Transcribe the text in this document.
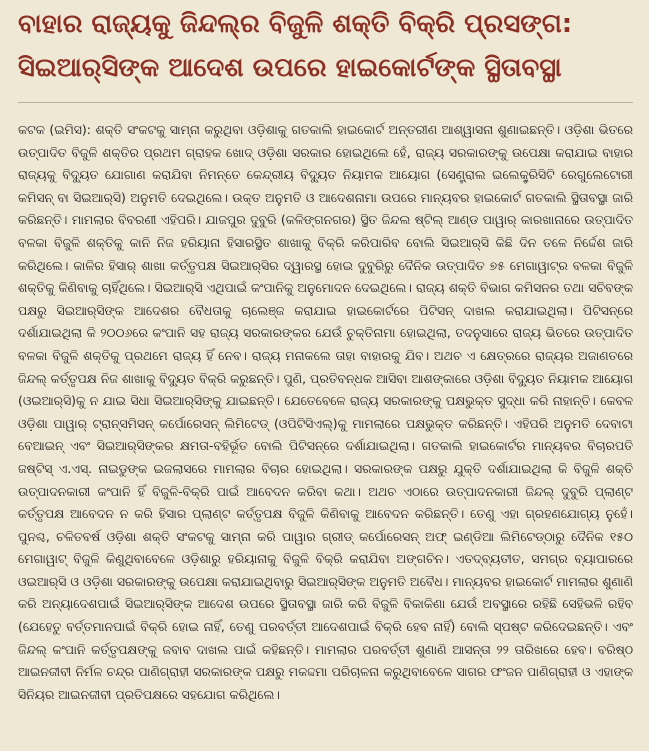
ବାହାର ରାଜ୍ୟକୁ ଜିନ୍ଦଲ୍‌ର ବିଜୁଳି ଶକ୍ତି ବିକ୍ରି ପ୍ରସଙ୍ଗ:
ସିଇଆର୍‌ସିଙ୍କ ଆଦେଶ ଉପରେ ହାଇକୋର୍ଟଙ୍କ ସ୍ଥିତାବସ୍ଥା

କଟକ (ଇମିସ): ଶକ୍ତି ସଂକଟକୁ ସାମ୍ନା କରୁଥିବା ଓଡ଼ିଶାକୁ ଗତକାଲି ହାଇକୋର୍ଟ ଅନ୍ତରୀଣ ଆଶ୍ୱାସନା ଶୁଣାଇଛନ୍ତି। ଓଡ଼ିଶା ଭିତରେ ଉତ୍ପାଦିତ ବିଜୁଳି ଶକ୍ତିର ପ୍ରଥମ ଗ୍ରାହକ ଖୋଦ୍ ଓଡ଼ିଶା ସରକାର ହୋଇଥିଲେ ହେଁ, ରାଜ୍ୟ ସରକାରଙ୍କୁ ଉପେକ୍ଷା କରାଯାଇ ବାହାର ରାଜ୍ୟକୁ ବିଦ୍ୟୁତ ଯୋଗାଣ କରାଯିବା ନିମନ୍ତେ କେନ୍ଦ୍ରୀୟ ବିଦ୍ୟୁତ ନିୟାମକ ଆୟୋଗ (ସେଣ୍ଟ୍ରାଲ ଇଲେକ୍ଟ୍ରିସିଟି ରେଗୁଲେଟୋରୀ କମିସନ୍ ବା ସିଇଆର୍‌ସି) ଅନୁମତି ଦେଇଥିଲେ। ଉକ୍ତ ଅନୁମତି ଓ ଆଦେଶନାମା ଉପରେ ମାନ୍ୟବର ହାଇକୋର୍ଟ ଗତକାଲି ସ୍ଥିତାବସ୍ଥା ଜାରି କରିଛନ୍ତି। ମାମଲାର ବିବରଣୀ ଏହିପରି। ଯାଜପୁର ଦୁବୁରି (କଳିଙ୍ଗନଗର) ସ୍ଥିତ ଜିନ୍ଦଲ ଷ୍ଟିଲ୍ ଆଣ୍ଡ ପାୱାର୍ କାରଖାନାରେ ଉତ୍ପାଦିତ ବଳକା ବିଜୁଳି ଶକ୍ତିକୁ କାନି ନିଜ ହରିୟାନା ହିସାରସ୍ଥିତ ଶାଖାକୁ ବିକ୍ରି କରିପାରିବ ବୋଲି ସିଇଆର୍‌ସି କିଛି ଦିନ ତଳେ ନିର୍ଦ୍ଦେଶ ଜାରି କରିଥିଲେ। କାଳିର ହିସାର୍ ଶାଖା କର୍ତ୍ତୃପକ୍ଷ ସିଇଆର୍‌ସିର ଦ୍ୱାରସ୍ଥ ହୋଇ ଦୁବୁରିରୁ ଦୈନିକ ଉତ୍ପାଦିତ ୭୫ ମେଗାୱାଟ୍‌ର ବଳକା ବିଜୁଳି ଶକ୍ତିକୁ କିଣିବାକୁ ଚାହିଁଥିଲେ। ସିଇଆର୍‌ସି ଏଥିପାଇଁ କଂପାନିକୁ ଅନୁମୋଦନ ଦେଇଥିଲେ। ରାଜ୍ୟ ଶକ୍ତି ବିଭାଗ କମିସନର ତଥା ସଚିବଙ୍କ ପକ୍ଷରୁ ସିଇଆର୍‌ସିଙ୍କ ଆଦେଶର ବୈଧତାକୁ ଚାଲେଞ୍ଜ କରାଯାଇ ହାଇକୋର୍ଟରେ ପିଟିସନ୍ ଦାଖଲ କରାଯାଇଥିଲା। ପିଟିସନ୍‌ରେ ଦର୍ଶାଯାଇଥିଲା କି ୨୦୦୬ରେ କଂପାନି ସହ ରାଜ୍ୟ ସରକାରଙ୍କର ଯେଉଁ ଚୁକ୍ତିନାମା ହୋଇଥିଲା, ତଦନୁସାରେ ରାଜ୍ୟ ଭିତରେ ଉତ୍ପାଦିତ ବଳକା ବିଜୁଳି ଶକ୍ତିକୁ ପ୍ରଥମେ ରାଜ୍ୟ ହିଁ ନେବ। ରାଜ୍ୟ ମନାକଲେ ତାହା ବାହାରକୁ ଯିବ। ଅଥଚ ଏ କ୍ଷେତ୍ରରେ ରାଜ୍ୟର ଅଜାଣତରେ ଜିନ୍ଦଲ୍ କର୍ତ୍ତୃପକ୍ଷ ନିଜ ଶାଖାକୁ ବିଦ୍ୟୁତ ବିକ୍ରି କରୁଛନ୍ତି। ପୁଣି, ପ୍ରତିବନ୍ଧକ ଆସିବା ଆଶଙ୍କାରେ ଓଡ଼ିଶା ବିଦ୍ୟୁତ ନିୟାମକ ଆୟୋଗ (ଓଇଆର୍‌ସି)କୁ ନ ଯାଇ ସିଧା ସିଇଆର୍‌ସିଙ୍କୁ ଯାଇଛନ୍ତି। ଯେତେବେଳେ ରାଜ୍ୟ ସରକାରଙ୍କୁ ପକ୍ଷଭୁକ୍ତ ସୁଦ୍ଧା କରି ନାହାନ୍ତି। କେବଳ ଓଡ଼ିଶା ପାୱାର୍ ଟ୍ରାନ୍ସମିସନ୍ କର୍ପୋରେସନ୍ ଲିମିଟେଡ୍ (ଓପିଟିସିଏଲ୍)କୁ ମାମଲାରେ ପକ୍ଷଭୁକ୍ତ କରିଛନ୍ତି। ଏହିପରି ଅନୁମତି ଦେବାଟା ବେଆଇନ୍ ଏବଂ ସିଇଆର୍‌ସିଙ୍କର କ୍ଷମତା-ବହିର୍ଭୂତ ବୋଲି ପିଟିସନ୍‌ରେ ଦର୍ଶାଯାଇଥିଲା। ଗତକାଲି ହାଇକୋର୍ଟର ମାନ୍ୟବର ବିଚାରପତି ଜଷ୍ଟିସ୍ ଏ.ଏସ୍. ନାଇଡୁଙ୍କ ଇଜଲାସରେ ମାମଲାର ବିଚାର ହୋଇଥିଲା। ସରକାରଙ୍କ ପକ୍ଷରୁ ଯୁକ୍ତି ଦର୍ଶାଯାଇଥିଲା କି ବିଜୁଳି ଶକ୍ତି ଉତ୍ପାଦନକାରୀ କଂପାନି ହିଁ ବିଜୁଳି-ବିକ୍ରି ପାଇଁ ଆବେଦନ କରିବା କଥା। ଅଥଚ ଏଠାରେ ଉତ୍ପାଦନକାରୀ ଜିନ୍ଦଲ୍ ଦୁବୁରି ପ୍ଲାଣ୍ଟ କର୍ତ୍ତୃପକ୍ଷ ଆବେଦନ ନ କରି ହିସାର ପ୍ଲାଣ୍ଟ କର୍ତ୍ତୃପକ୍ଷ ବିଜୁଳି କିଣିବାକୁ ଆବେଦନ କରିଛନ୍ତି। ତେଣୁ ଏହା ଗ୍ରହଣଯୋଗ୍ୟ ନୁହେଁ। ପୁନଶ୍ଚ, ଚଳିତବର୍ଷ ଓଡ଼ିଶା ଶକ୍ତି ସଂକଟକୁ ସାମ୍ନା କରି ପାୱାର ଗ୍ରୀଡ୍ କର୍ପୋରେସନ୍ ଅଫ୍ ଇଣ୍ଡିଆ ଲିମିଟେଡ୍‌ଠାରୁ ଦୈନିକ ୧୫୦ ମେଗାୱାଟ୍ ବିଜୁଳି କିଣୁଥିବାବେଳେ ଓଡ଼ିଶାରୁ ହରିୟାନାକୁ ବିଜୁଳି ବିକ୍ରି କରାଯିବା ଅଙ୍ଗଚିନ। ଏତଦ୍‌ବ୍ୟତୀତ, ସମଗ୍ର ବ୍ୟାପାରରେ ଓଇଆର୍‌ସି ଓ ଓଡ଼ିଶା ସରକାରଙ୍କୁ ଉପେକ୍ଷା କରାଯାଇଥିବାରୁ ସିଇଆର୍‌ସିଙ୍କ ଅନୁମତି ଅବୈଧ। ମାନ୍ୟବର ହାଇକୋର୍ଟ ମାମଲାର ଶୁଣାଣି କରି ଅନ୍ୟାଦେଶପାଇଁ ସିଇଆର୍‌ସିଙ୍କ ଆଦେଶ ଉପରେ ସ୍ଥିତାବସ୍ଥା ଜାରି କରି ବିଜୁଳି ବିକାକିଣା ଯେଉଁ ଅବସ୍ଥାରେ ରହିଛି ସେହିଭଳି ରହିବ (ଯେହେତୁ ବର୍ତ୍ତମାନପାଇଁ ବିକ୍ରି ହୋଇ ନାହିଁ, ତେଣୁ ପରବର୍ତ୍ତୀ ଆଦେଶପାଇଁ ବିକ୍ରି ହେବ ନାହିଁ) ବୋଲି ସ୍ପଷ୍ଟ କରିଦେଇଛନ୍ତି। ଏବଂ ଜିନ୍ଦଲ୍ କଂପାନି କର୍ତ୍ତୃପକ୍ଷଙ୍କୁ ଜବାବ ଦାଖଲ ପାଇଁ କହିଛନ୍ତି। ମାମଲାର ପରବର୍ତ୍ତୀ ଶୁଣାଣି ଆସନ୍ତା ୨୨ ତାରିଖରେ ହେବ। ବରିଷ୍ଠ ଆଇନଜୀବୀ ନିର୍ମଳ ଚନ୍ଦ୍ର ପାଣିଗ୍ରାହୀ ସରକାରଙ୍କ ପକ୍ଷରୁ ମକଦ୍ଦମା ପରିଚାଳନା କରୁଥିବାବେଳେ ସାଗର ଫଂଜନ ପାଣିଗ୍ରାହୀ ଓ ଏହାଙ୍କ ସିନିୟର ଆଇନଜୀବୀ ପ୍ରତିପକ୍ଷରେ ସହଯୋଗ କରିଥିଲେ।
